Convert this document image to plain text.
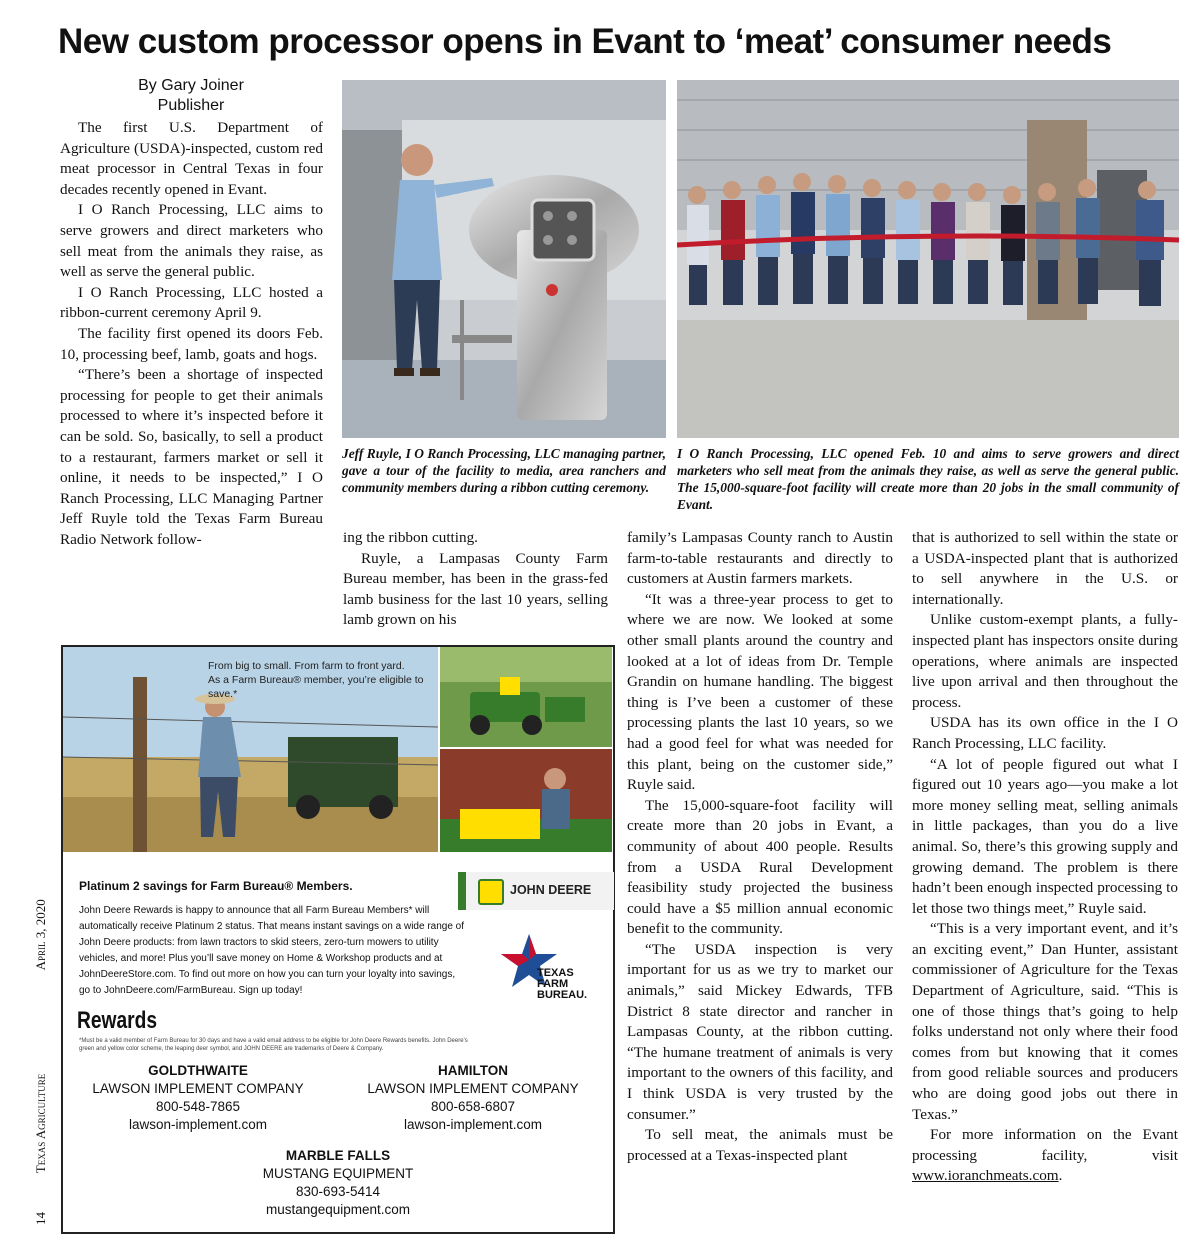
New custom processor opens in Evant to ‘meat’ consumer needs
By Gary Joiner
Publisher

The first U.S. Department of Agriculture (USDA)-inspected, custom red meat processor in Central Texas in four decades recently opened in Evant.

I O Ranch Processing, LLC aims to serve growers and direct marketers who sell meat from the animals they raise, as well as serve the general public.

I O Ranch Processing, LLC hosted a ribbon-current ceremony April 9.

The facility first opened its doors Feb. 10, processing beef, lamb, goats and hogs.

“There’s been a shortage of inspected processing for people to get their animals processed to where it’s inspected before it can be sold. So, basically, to sell a product to a restaurant, farmers market or sell it online, it needs to be inspected,” I O Ranch Processing, LLC Managing Partner Jeff Ruyle told the Texas Farm Bureau Radio Network follow-

Jeff Ruyle, I O Ranch Processing, LLC managing partner, gave a tour of the facility to media, area ranchers and community members during a ribbon cutting ceremony.
I O Ranch Processing, LLC opened Feb. 10 and aims to serve growers and direct marketers who sell meat from the animals they raise, as well as serve the general public. The 15,000-square-foot facility will create more than 20 jobs in the small community of Evant.

ing the ribbon cutting.

Ruyle, a Lampasas County Farm Bureau member, has been in the grass-fed lamb business for the last 10 years, selling lamb grown on his

family’s Lampasas County ranch to Austin farm-to-table restaurants and directly to customers at Austin farmers markets.

“It was a three-year process to get to where we are now. We looked at some other small plants around the country and looked at a lot of ideas from Dr. Temple Grandin on humane handling. The biggest thing is I’ve been a customer of these processing plants the last 10 years, so we had a good feel for what was needed for this plant, being on the customer side,” Ruyle said.

The 15,000-square-foot facility will create more than 20 jobs in Evant, a community of about 400 people. Results from a USDA Rural Development feasibility study projected the business could have a $5 million annual economic benefit to the community.

“The USDA inspection is very important for us as we try to market our animals,” said Mickey Edwards, TFB District 8 state director and rancher in Lampasas County, at the ribbon cutting. “The humane treatment of animals is very important to the owners of this facility, and I think USDA is very trusted by the consumer.”

To sell meat, the animals must be processed at a Texas-inspected plant

that is authorized to sell within the state or a USDA-inspected plant that is authorized to sell anywhere in the U.S. or internationally.

Unlike custom-exempt plants, a fully-inspected plant has inspectors onsite during operations, where animals are inspected live upon arrival and then throughout the process.

USDA has its own office in the I O Ranch Processing, LLC facility.

“A lot of people figured out what I figured out 10 years ago—you make a lot more money selling meat, selling animals in little packages, than you do a live animal. So, there’s this growing supply and growing demand. The problem is there hadn’t been enough inspected processing to let those two things meet,” Ruyle said.

“This is a very important event, and it’s an exciting event,” Dan Hunter, assistant commissioner of Agriculture for the Texas Department of Agriculture, said. “This is one of those things that’s going to help folks understand not only where their food comes from but knowing that it comes from good reliable sources and producers who are doing good jobs out there in Texas.”

For more information on the Evant processing facility, visit www.ioranchmeats.com.

14            Texas Agriculture                                April 3, 2020
From big to small. From farm to front yard.
As a Farm Bureau® member, you’re eligible to save.*
Platinum 2 savings for Farm Bureau® Members.
John Deere Rewards is happy to announce that all Farm Bureau Members* will automatically receive Platinum 2 status. That means instant savings on a wide range of John Deere products: from lawn tractors to skid steers, zero-turn mowers to utility vehicles, and more! Plus you’ll save money on Home & Workshop products and at JohnDeereStore.com. To find out more on how you can turn your loyalty into savings, go to JohnDeere.com/FarmBureau. Sign up today!
JOHN DEERE
TEXAS
FARM
BUREAU.
Rewards
*Must be a valid member of Farm Bureau for 30 days and have a valid email address to be eligible for John Deere Rewards benefits. John Deere’s green and yellow color scheme, the leaping deer symbol, and JOHN DEERE are trademarks of Deere & Company.
GOLDTHWAITE
LAWSON IMPLEMENT COMPANY
800-548-7865
lawson-implement.com
HAMILTON
LAWSON IMPLEMENT COMPANY
800-658-6807
lawson-implement.com
MARBLE FALLS
MUSTANG EQUIPMENT
830-693-5414
mustangequipment.com
